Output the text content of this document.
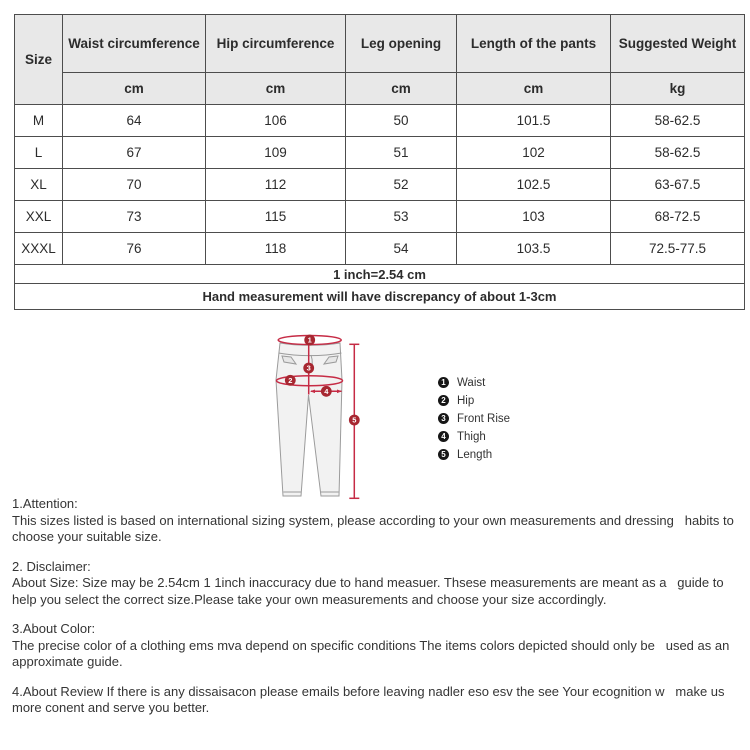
Size	Waist circumference	Hip circumference	Leg opening	Length of the pants	Suggested Weight
	cm	cm	cm	cm	kg
M	64	106	50	101.5	58-62.5
L	67	109	51	102	58-62.5
XL	70	112	52	102.5	63-67.5
XXL	73	115	53	103	68-72.5
XXXL	76	118	54	103.5	72.5-77.5
1 inch=2.54 cm					
Hand measurement will have discrepancy of about 1-3cm					
1
2
3
4
5
1 Waist
2 Hip
3 Front Rise
4 Thigh
5 Length
1.Attention:
This sizes listed is based on international sizing system, please according to your own measurements and dressing   habits to choose your suitable size.
2. Disclaimer:
About Size: Size may be 2.54cm 1 1inch inaccuracy due to hand measuer. Thsese measurements are meant as a   guide to help you select the correct size.Please take your own measurements and choose your size accordingly.
3.About Color:
The precise color of a clothing ems mva depend on specific conditions The items colors depicted should only be   used as an approximate guide.
4.About Review If there is any dissaisacon please emails before leaving nadler eso esv the see Your ecognition w   make us more conent and serve you better.
